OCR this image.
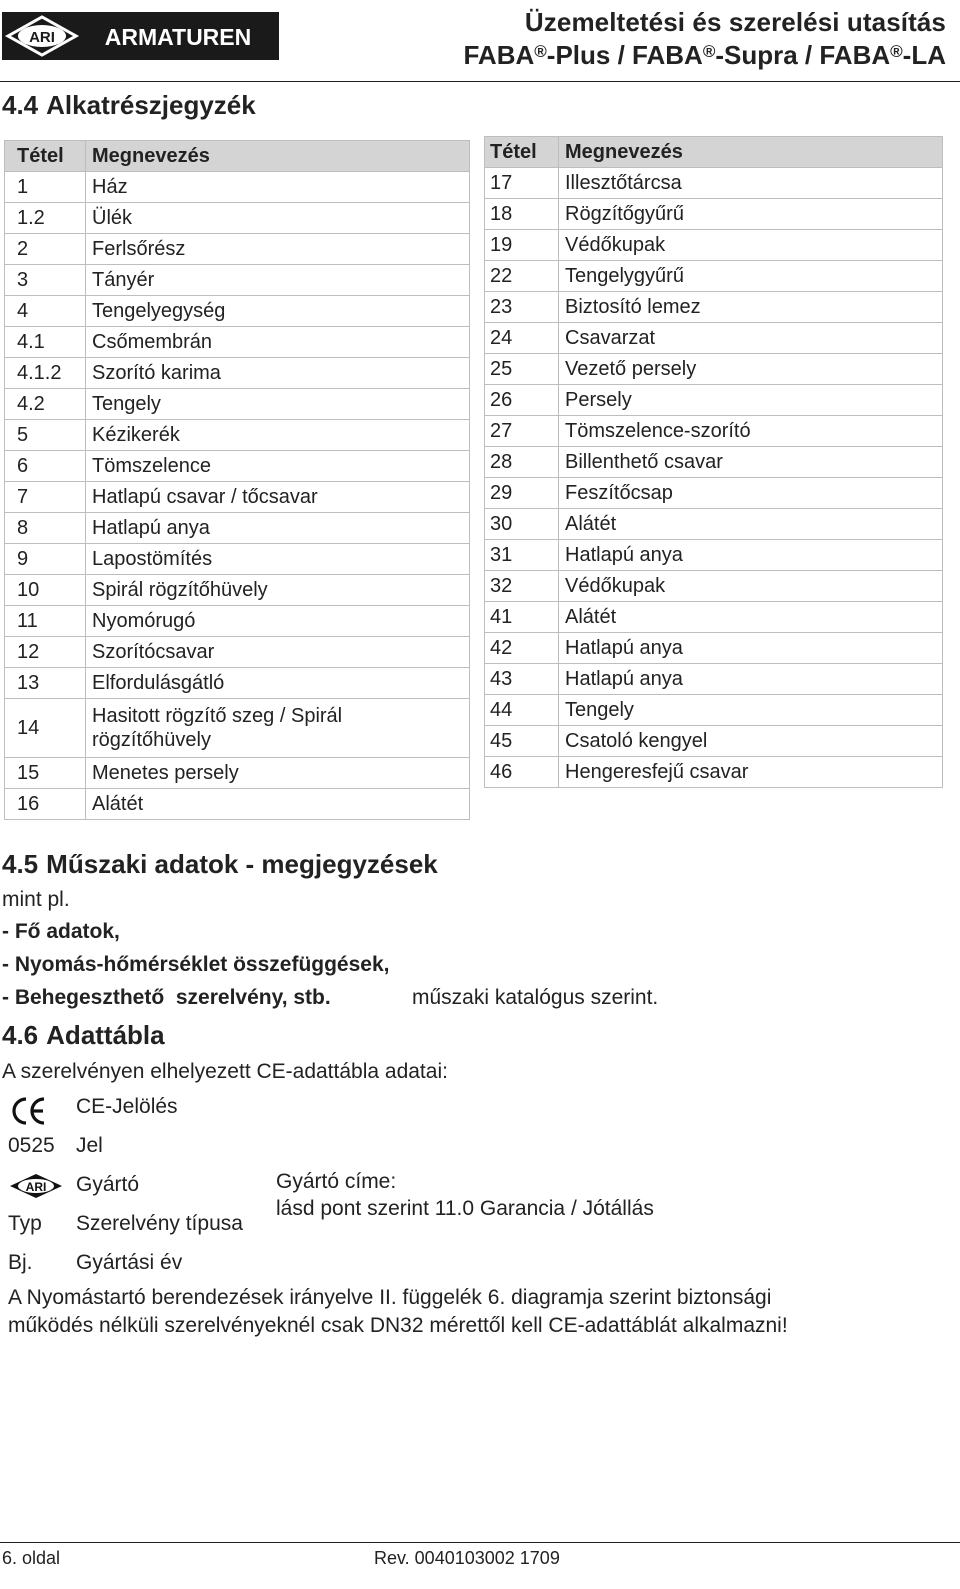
ARI ARMATUREN	Üzemeltetési és szerelési utasítás
FABA®-Plus / FABA®-Supra / FABA®-LA
4.4 Alkatrészjegyzék
Tétel	Megnevezés
1	Ház
1.2	Ülék
2	Ferlsőrész
3	Tányér
4	Tengelyegység
4.1	Csőmembrán
4.1.2	Szorító karima
4.2	Tengely
5	Kézikerék
6	Tömszelence
7	Hatlapú csavar / tőcsavar
8	Hatlapú anya
9	Lapostömítés
10	Spirál rögzítőhüvely
11	Nyomórugó
12	Szorítócsavar
13	Elfordulásgátló
14	Hasitott rögzítő szeg / Spirál
rögzítőhüvely

15	Menetes persely
16	Alátét
Tétel	Megnevezés
17	Illesztőtárcsa
18	Rögzítőgyűrű
19	Védőkupak
22	Tengelygyűrű
23	Biztosító lemez
24	Csavarzat
25	Vezető persely
26	Persely
27	Tömszelence-szorító
28	Billenthető csavar
29	Feszítőcsap
30	Alátét
31	Hatlapú anya
32	Védőkupak
41	Alátét
42	Hatlapú anya
43	Hatlapú anya
44	Tengely
45	Csatoló kengyel
46	Hengeresfejű csavar
4.5 Műszaki adatok - megjegyzések
mint pl.
- Fő adatok,
- Nyomás-hőmérséklet összefüggések,
- Behegeszthető  szerelvény, stb.	műszaki katalógus szerint.
4.6 Adattábla
A szerelvényen elhelyezett CE-adattábla adatai:
CE-Jelölés
0525 Jel
ARI Gyártó
Typ Szerelvény típusa
Bj. Gyártási év
Gyártó címe:
lásd pont szerint 11.0 Garancia / Jótállás
A Nyomástartó berendezések irányelve II. függelék 6. diagramja szerint biztonsági
működés nélküli szerelvényeknél csak DN32 mérettől kell CE-adattáblát alkalmazni!
6. oldal	Rev. 0040103002 1709
